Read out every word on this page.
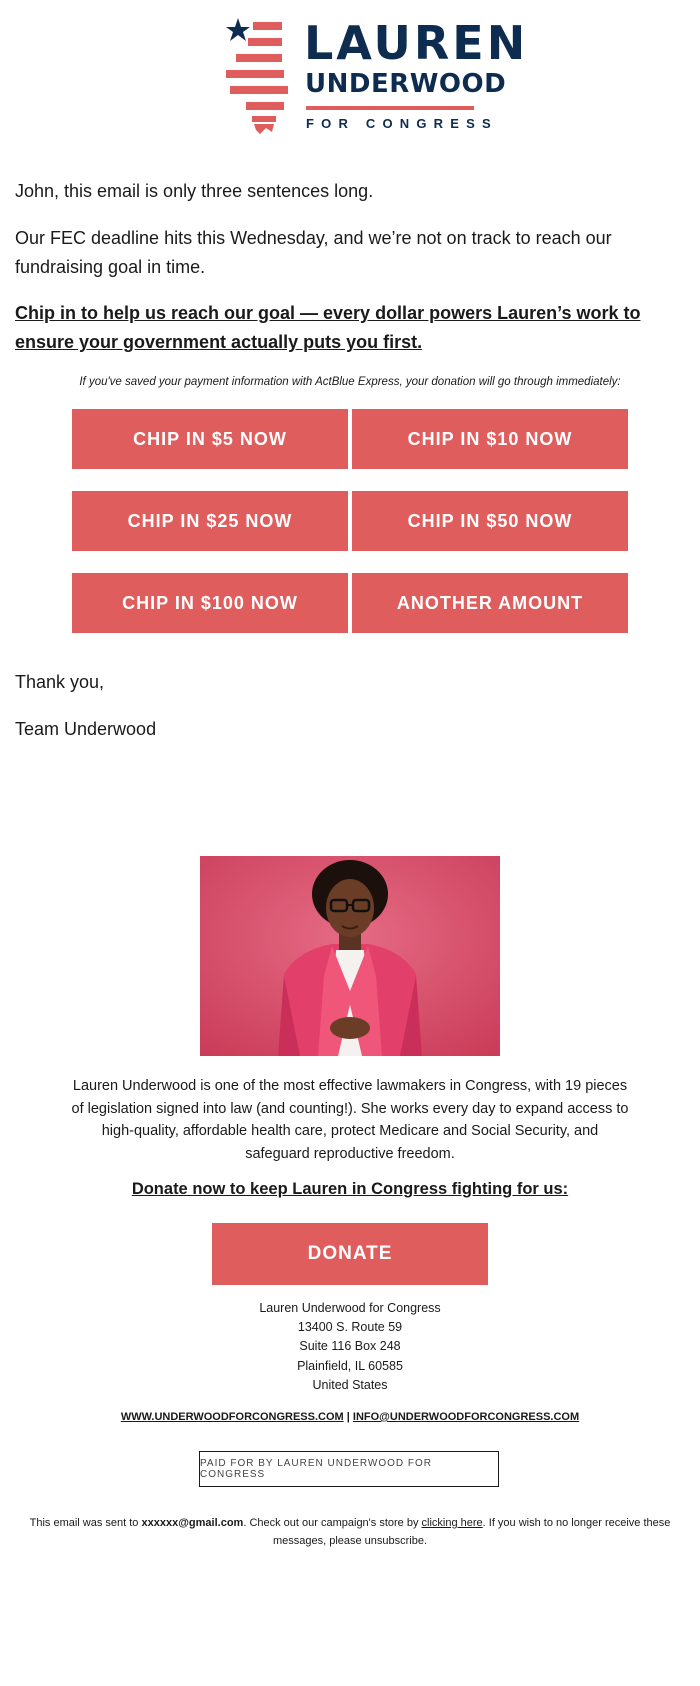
LAUREN
UNDERWOOD
FOR CONGRESS

John, this email is only three sentences long.

Our FEC deadline hits this Wednesday, and we’re not on track to reach our fundraising goal in time.

Chip in to help us reach our goal — every dollar powers Lauren’s work to ensure your government actually puts you first.

If you've saved your payment information with ActBlue Express, your donation will go through immediately:

CHIP IN $5 NOW	CHIP IN $10 NOW
CHIP IN $25 NOW	CHIP IN $50 NOW
CHIP IN $100 NOW	ANOTHER AMOUNT

Thank you,

Team Underwood

Lauren Underwood is one of the most effective lawmakers in Congress, with 19 pieces of legislation signed into law (and counting!). She works every day to expand access to high-quality, affordable health care, protect Medicare and Social Security, and safeguard reproductive freedom.

Donate now to keep Lauren in Congress fighting for us:

DONATE

Lauren Underwood for Congress

13400 S. Route 59

Suite 116 Box 248

Plainfield, IL 60585

United States

WWW.UNDERWOODFORCONGRESS.COM | INFO@UNDERWOODFORCONGRESS.COM
PAID FOR BY LAUREN UNDERWOOD FOR CONGRESS

This email was sent to xxxxxx@gmail.com. Check out our campaign's store by clicking here. If you wish to no longer receive these messages, please unsubscribe.
